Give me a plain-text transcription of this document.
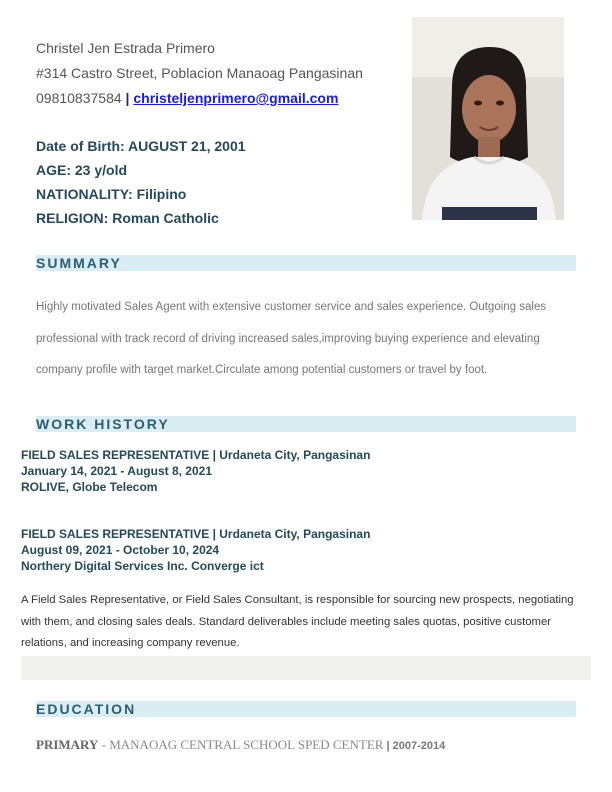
Christel Jen Estrada Primero
#314 Castro Street, Poblacion Manaoag Pangasinan
09810837584 | christeljenprimero@gmail.com
Date of Birth: AUGUST 21, 2001
AGE: 23 y/old
NATIONALITY: Filipino
RELIGION: Roman Catholic
SUMMARY
Highly motivated Sales Agent with extensive customer service and sales experience. Outgoing sales professional with track record of driving increased sales,improving buying experience and elevating company profile with target market.Circulate among potential customers or travel by foot.
WORK HISTORY
FIELD SALES REPRESENTATIVE | Urdaneta City, Pangasinan
January 14, 2021 - August 8, 2021
ROLIVE, Globe Telecom
FIELD SALES REPRESENTATIVE | Urdaneta City, Pangasinan
August 09, 2021 - October 10, 2024
Northery Digital Services Inc. Converge ict
A Field Sales Representative, or Field Sales Consultant, is responsible for sourcing new prospects, negotiating with them, and closing sales deals. Standard deliverables include meeting sales quotas, positive customer relations, and increasing company revenue.
EDUCATION
PRIMARY - MANAOAG CENTRAL SCHOOL SPED CENTER | 2007-2014
